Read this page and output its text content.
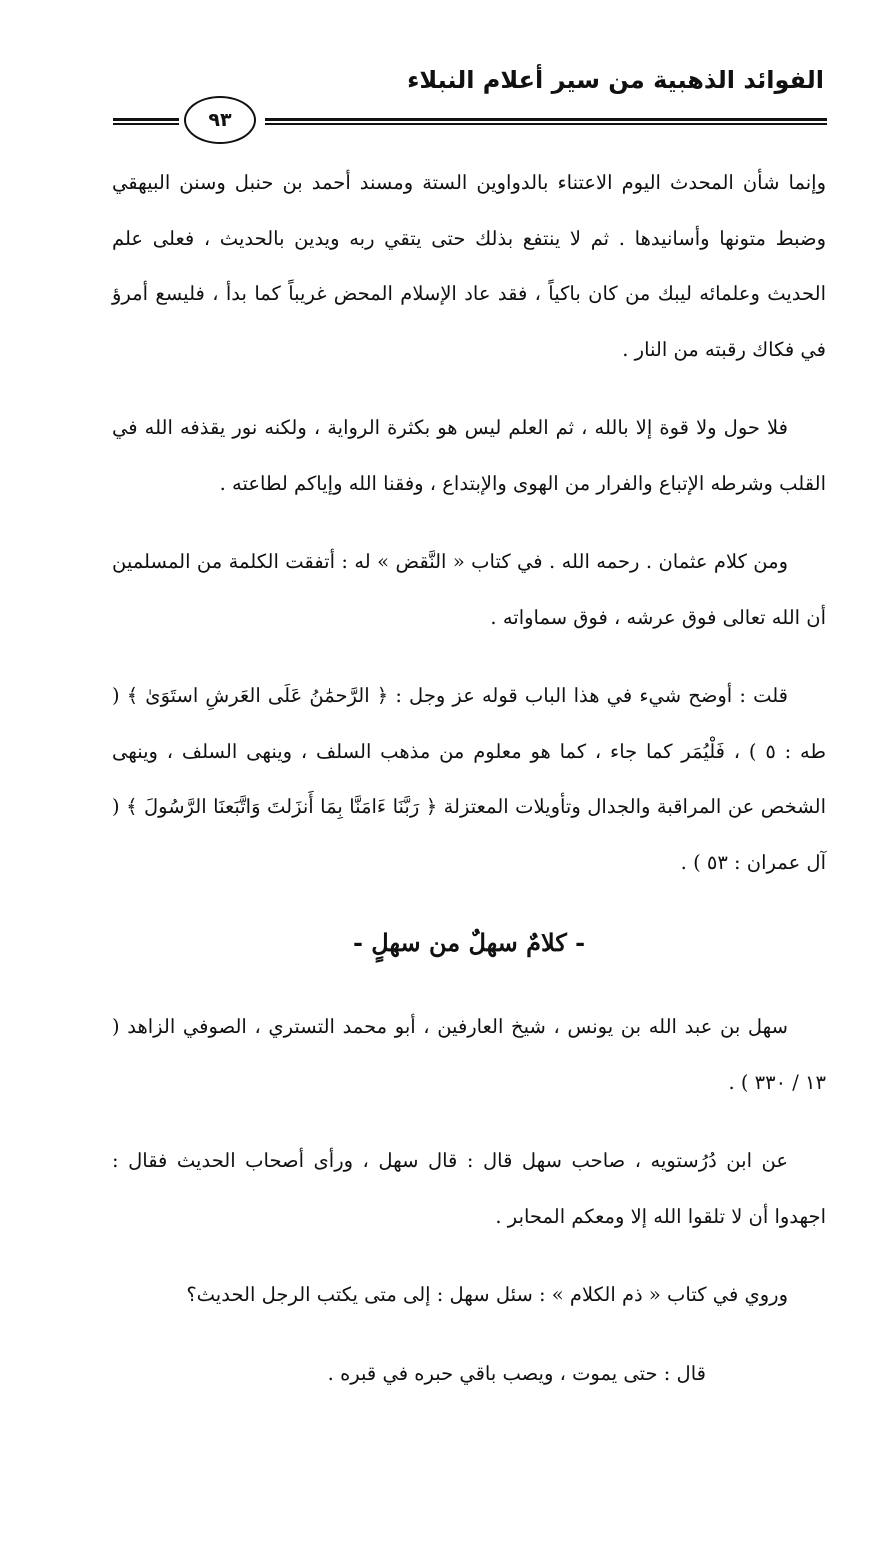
الفوائد الذهبية من سير أعلام النبلاء
٩٣

وإنما شأن المحدث اليوم الاعتناء بالدواوين الستة ومسند أحمد بن حنبل وسنن البيهقي وضبط متونها وأسانيدها . ثم لا ينتفع بذلك حتى يتقي ربه ويدين بالحديث ، فعلى علم الحديث وعلمائه ليبك من كان باكياً ، فقد عاد الإسلام المحض غريباً كما بدأ ، فليسع أمرؤ في فكاك رقبته من النار .

فلا حول ولا قوة إلا بالله ، ثم العلم ليس هو بكثرة الرواية ، ولكنه نور يقذفه الله في القلب وشرطه الإتباع والفرار من الهوى والإبتداع ، وفقنا الله وإياكم لطاعته .

ومن كلام عثمان . رحمه الله . في كتاب « النَّقض » له : أتفقت الكلمة من المسلمين أن الله تعالى فوق عرشه ، فوق سماواته .

قلت : أوضح شيء في هذا الباب قوله عز وجل : ﴿ الرَّحمَٰنُ عَلَى العَرشِ استَوَىٰ ﴾ ( طه : ٥ ) ، فَلْيُمَر كما جاء ، كما هو معلوم من مذهب السلف ، وينهى السلف ، وينهى الشخص عن المراقبة والجدال وتأويلات المعتزلة ﴿ رَبَّنَا ءَامَنَّا بِمَا أَنزَلتَ وَاتَّبَعنَا الرَّسُولَ ﴾ ( آل عمران : ٥٣ ) .

- كلامٌ سهلٌ من سهلٍ -

سهل بن عبد الله بن يونس ، شيخ العارفين ، أبو محمد التستري ، الصوفي الزاهد ( ١٣ / ٣٣٠ ) .

عن ابن دُرُستويه ، صاحب سهل قال : قال سهل ، ورأى أصحاب الحديث فقال : اجهدوا أن لا تلقوا الله إلا ومعكم المحابر .

وروي في كتاب « ذم الكلام » : سئل سهل : إلى متى يكتب الرجل الحديث؟

قال : حتى يموت ، ويصب باقي حبره في قبره .
